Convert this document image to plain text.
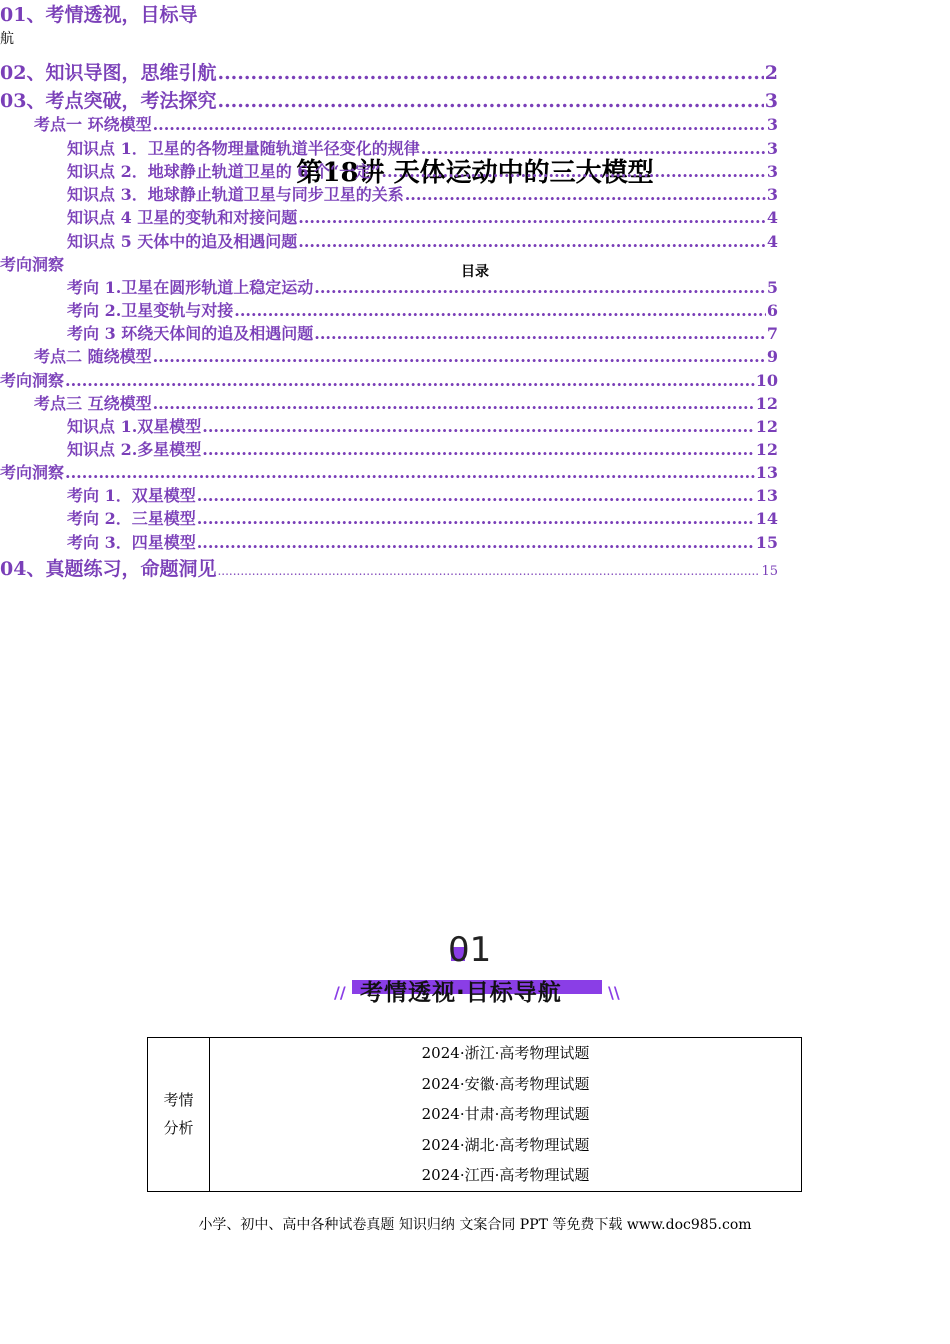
第18讲 天体运动中的三大模型
目录
01、考情透视，目标导
航
02、知识导图，思维引航 .....	2
03、考点突破，考法探究 .....	3
考点一 环绕模型 .....	3
知识点 1．卫星的各物理量随轨道半径变化的规律 .....	3
知识点 2．地球静止轨道卫星的 6 个“一定” .....	3
知识点 3．地球静止轨道卫星与同步卫星的关系 .....	3
知识点 4 卫星的变轨和对接问题 .....	4
知识点 5 天体中的追及相遇问题 .....	4
考向洞察
考向 1.卫星在圆形轨道上稳定运动 .....	5
考向 2.卫星变轨与对接 .....	6
考向 3 环绕天体间的追及相遇问题 .....	7
考点二 随绕模型 .....	9
考向洞察 .....	10
考点三 互绕模型 .....	12
知识点 1.双星模型 .....	12
知识点 2.多星模型 .....	12
考向洞察 .....	13
考向 1．双星模型 .....	13
考向 2．三星模型 .....	14
考向 3．四星模型 .....	15
04、真题练习，命题洞见 .....	15
01
// 考情透视·目标导航	\\
考情
分析

2024·浙江·高考物理试题
2024·安徽·高考物理试题
2024·甘肃·高考物理试题
2024·湖北·高考物理试题
2024·江西·高考物理试题
小学、初中、高中各种试卷真题 知识归纳 文案合同 PPT 等免费下载 www.doc985.com
